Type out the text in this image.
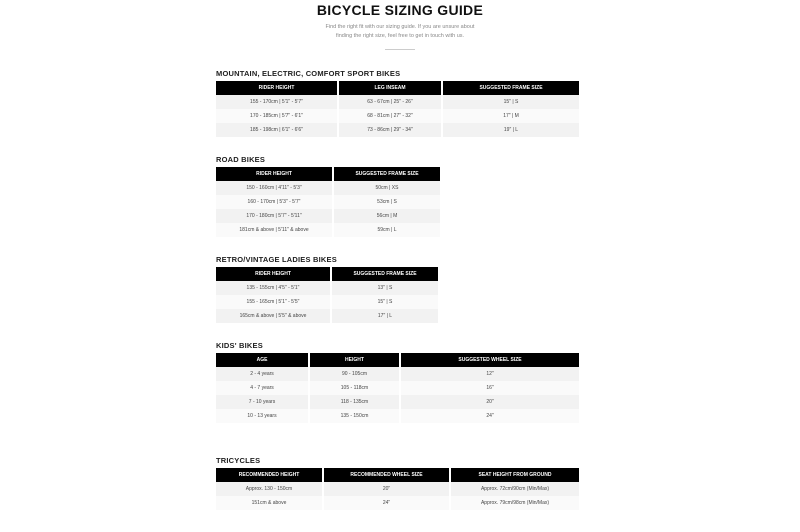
BICYCLE SIZING GUIDE
Find the right fit with our sizing guide. If you are unsure about
finding the right size, feel free to get in touch with us.
MOUNTAIN, ELECTRIC, COMFORT SPORT BIKES
RIDER HEIGHT	LEG INSEAM	SUGGESTED FRAME SIZE
155 - 170cm | 5'1" - 5'7"	63 - 67cm | 25" - 26"	15" | S
170 - 185cm | 5'7" - 6'1"	68 - 81cm | 27" - 32"	17" | M
185 - 198cm | 6'1" - 6'6"	73 - 86cm | 29" - 34"	19" | L
ROAD BIKES
RIDER HEIGHT	SUGGESTED FRAME SIZE
150 - 160cm | 4'11" - 5'3"	50cm | XS
160 - 170cm | 5'3" - 5'7"	53cm | S
170 - 180cm | 5'7" - 5'11"	56cm | M
181cm & above | 5'11" & above	59cm | L
RETRO/VINTAGE LADIES BIKES
RIDER HEIGHT	SUGGESTED FRAME SIZE
135 - 155cm | 4'5" - 5'1"	13" | S
155 - 165cm | 5'1" - 5'5"	15" | S
165cm & above | 5'5" & above	17" | L
KIDS' BIKES
AGE	HEIGHT	SUGGESTED WHEEL SIZE
2 - 4 years	90 - 105cm	12"
4 - 7 years	105 - 118cm	16"
7 - 10 years	118 - 135cm	20"
10 - 13 years	135 - 150cm	24"
TRICYCLES
RECOMMENDED HEIGHT	RECOMMENDED WHEEL SIZE	SEAT HEIGHT FROM GROUND
Approx. 130 - 150cm	20"	Approx. 72cm/90cm (Min/Max)
151cm & above	24"	Approx. 79cm/98cm (Min/Max)
